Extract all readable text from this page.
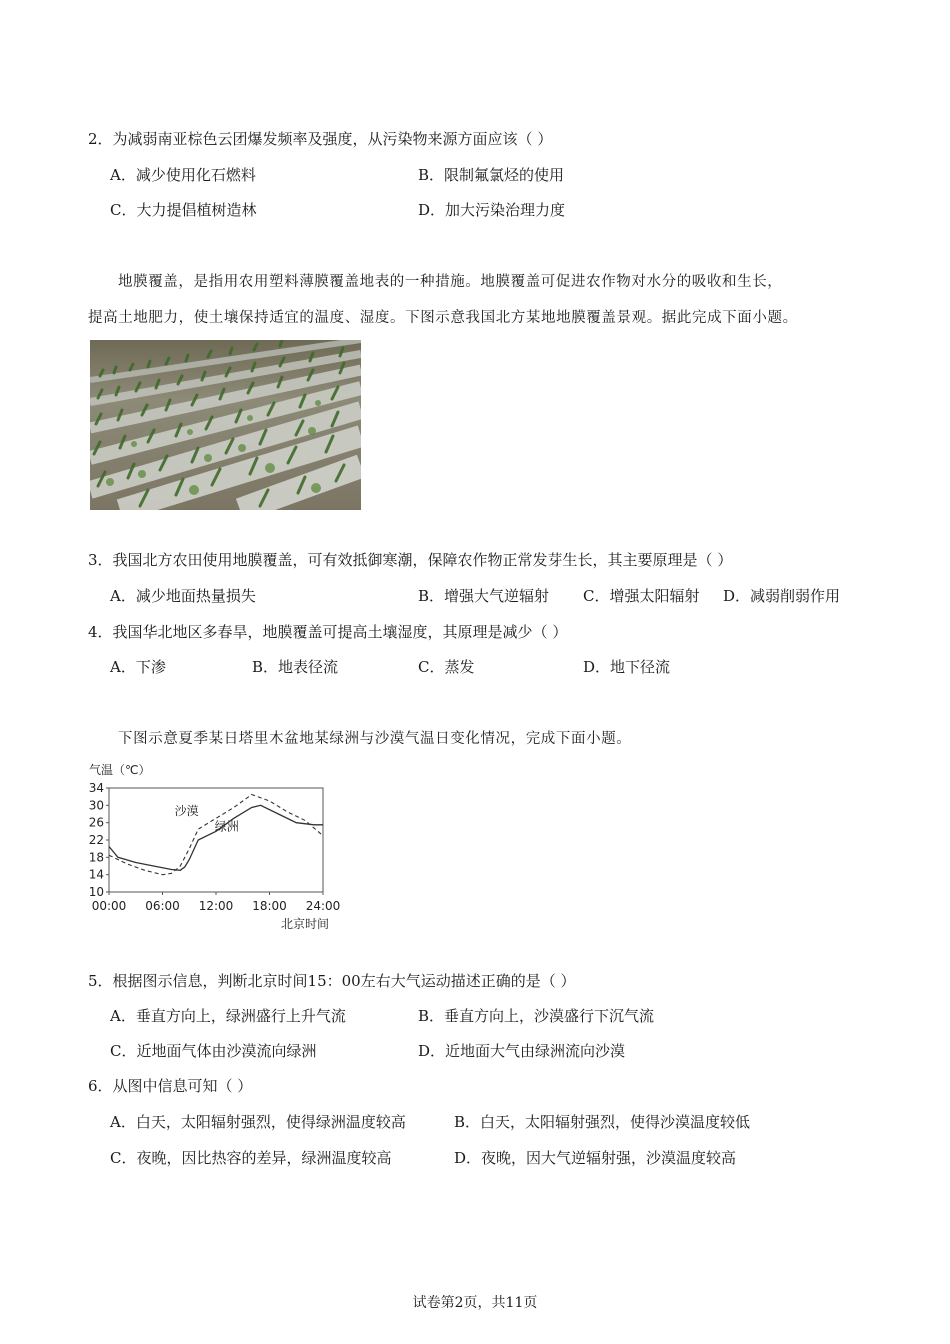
2．为减弱南亚棕色云团爆发频率及强度，从污染物来源方面应该（ ）
A．减少使用化石燃料	B．限制氟氯烃的使用
C．大力提倡植树造林	D．加大污染治理力度
地膜覆盖，是指用农用塑料薄膜覆盖地表的一种措施。地膜覆盖可促进农作物对水分的吸收和生长，
提高土地肥力，使土壤保持适宜的温度、湿度。下图示意我国北方某地地膜覆盖景观。据此完成下面小题。
3．我国北方农田使用地膜覆盖，可有效抵御寒潮，保障农作物正常发芽生长，其主要原理是（ ）
A．减少地面热量损失	B．增强大气逆辐射 C．增强太阳辐射 D．减弱削弱作用
4．我国华北地区多春旱，地膜覆盖可提高土壤湿度，其原理是减少（ ）
A．下渗	B．地表径流	C．蒸发	D．地下径流
下图示意夏季某日塔里木盆地某绿洲与沙漠气温日变化情况，完成下面小题。
气温（℃）
北京时间
34
30
26
22
18
14
10
00:00 06:00 12:00 18:00 24:00
沙漠
绿洲
5．根据图示信息，判断北京时间15：00左右大气运动描述正确的是（ ）
A．垂直方向上，绿洲盛行上升气流	B．垂直方向上，沙漠盛行下沉气流
C．近地面气体由沙漠流向绿洲	D．近地面大气由绿洲流向沙漠
6．从图中信息可知（ ）
A．白天，太阳辐射强烈，使得绿洲温度较高	B．白天，太阳辐射强烈，使得沙漠温度较低
C．夜晚，因比热容的差异，绿洲温度较高	D．夜晚，因大气逆辐射强，沙漠温度较高
试卷第2页，共11页
